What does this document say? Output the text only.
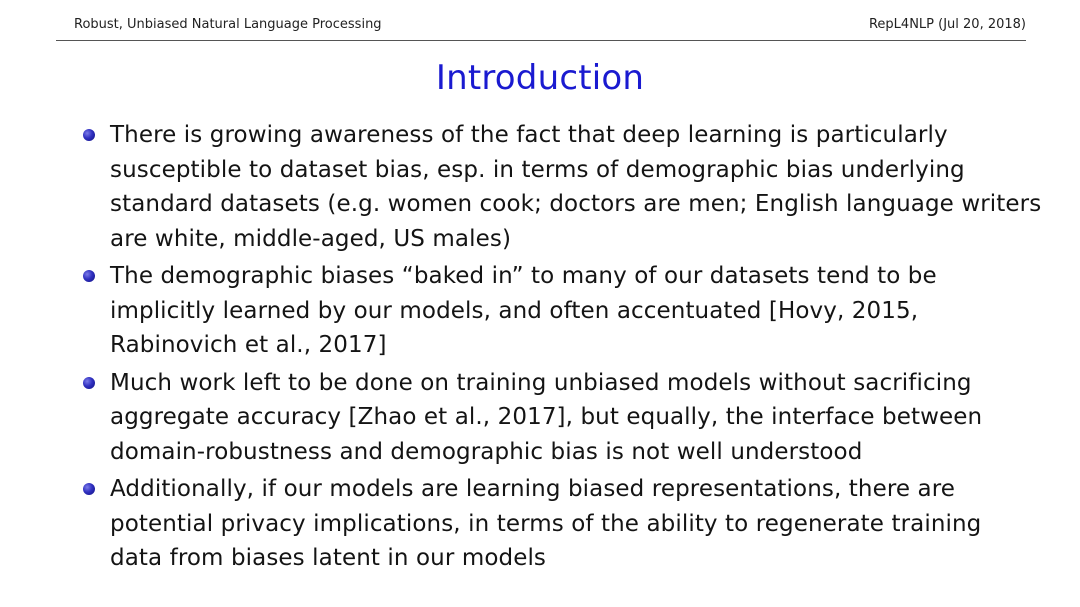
Robust, Unbiased Natural Language Processing	RepL4NLP (Jul 20, 2018)
Introduction
There is growing awareness of the fact that deep learning is particularly
susceptible to dataset bias, esp. in terms of demographic bias underlying
standard datasets (e.g. women cook; doctors are men; English language writers
are white, middle-aged, US males)
The demographic biases “baked in” to many of our datasets tend to be
implicitly learned by our models, and often accentuated [Hovy, 2015,
Rabinovich et al., 2017]
Much work left to be done on training unbiased models without sacrificing
aggregate accuracy [Zhao et al., 2017], but equally, the interface between
domain-robustness and demographic bias is not well understood
Additionally, if our models are learning biased representations, there are
potential privacy implications, in terms of the ability to regenerate training
data from biases latent in our models
